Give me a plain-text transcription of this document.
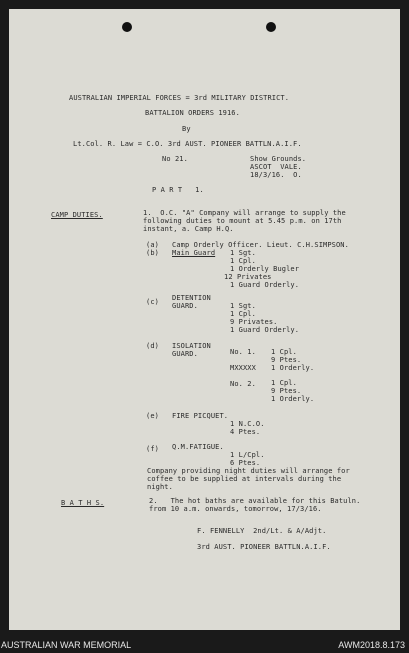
AUSTRALIAN IMPERIAL FORCES = 3rd MILITARY DISTRICT.
BATTALION ORDERS 1916.
By
Lt.Col. R. Law = C.O. 3rd AUST. PIONEER BATTLN.A.I.F.
No 21.	Show Grounds.
ASCOT  VALE.
18/3/16.  O.
P A R T   1.
CAMP DUTIES.	1.  O.C. "A" Company will arrange to supply the
following duties to mount at 5.45 p.m. on 17th
instant, a. Camp H.Q.
(a) Camp Orderly Officer. Lieut. C.H.SIMPSON.
(b) Main Guard 1 Sgt.
1 Cpl.
1 Orderly Bugler
12 Privates
1 Guard Orderly.
(c) DETENTION
GUARD.	1 Sgt.
1 Cpl.
9 Privates.
1 Guard Orderly.
(d) ISOLATION
GUARD.	No. 1. 1 Cpl.
9 Ptes.
MXXXXX 1 Orderly.
No. 2. 1 Cpl.
9 Ptes.
1 Orderly.
(e) FIRE PICQUET.
1 N.C.O.
4 Ptes.
(f) Q.M.FATIGUE.
1 L/Cpl.
6 Ptes.
Company providing night duties will arrange for
coffee to be supplied at intervals during the
night.
B A T H S.	2.   The hot baths are available for this Batuln.
from 10 a.m. onwards, tomorrow, 17/3/16.
F. FENNELLY  2nd/Lt. & A/Adjt.
3rd AUST. PIONEER BATTLN.A.I.F.
AUSTRALIAN WAR MEMORIAL	AWM2018.8.173
